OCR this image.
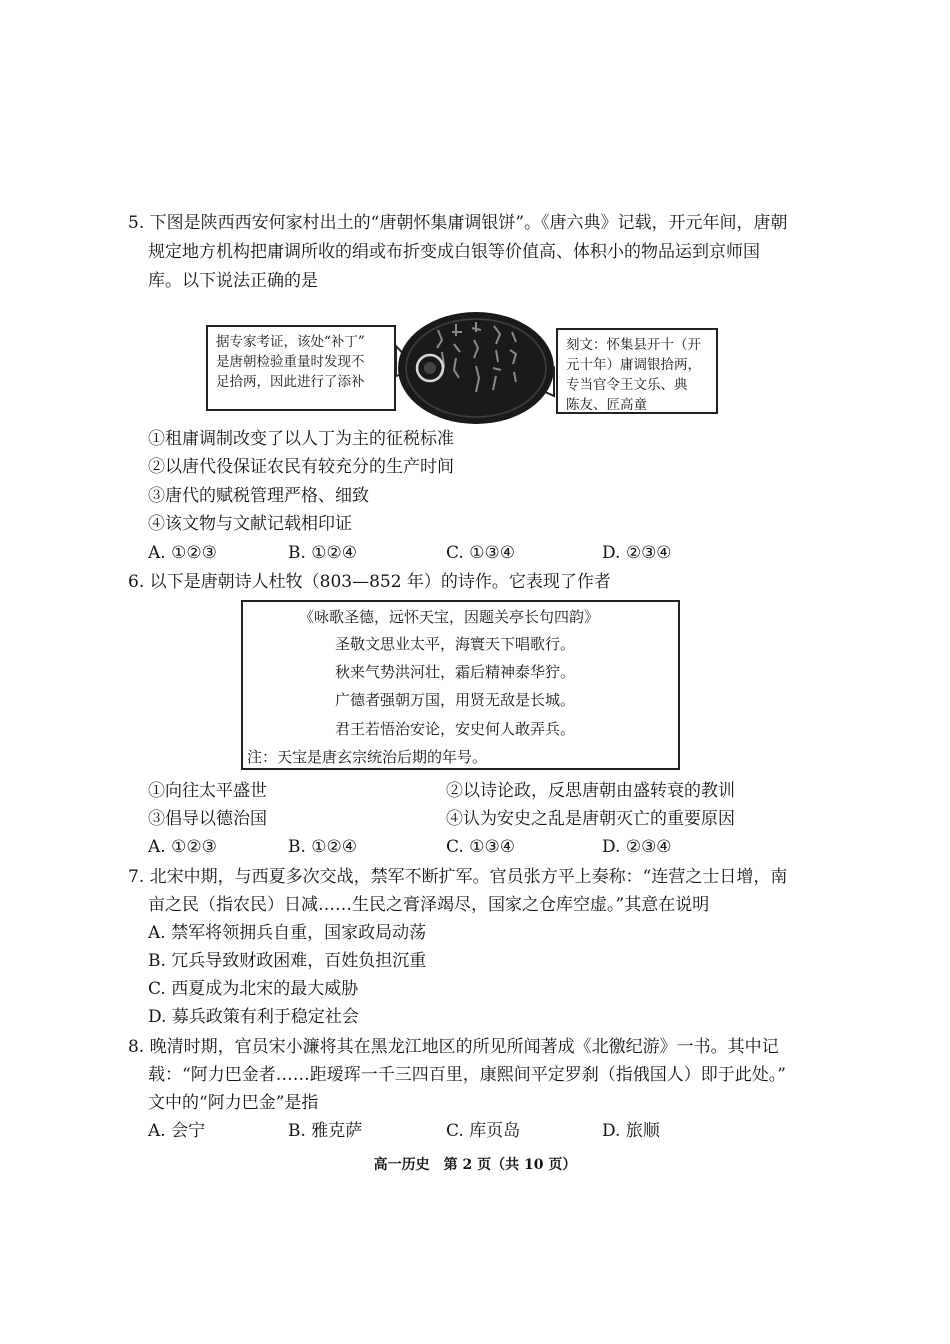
5. 下图是陕西西安何家村出土的“唐朝怀集庸调银饼”。《唐六典》记载，开元年间，唐朝
规定地方机构把庸调所收的绢或布折变成白银等价值高、体积小的物品运到京师国
库。以下说法正确的是
据专家考证，该处“补丁”
是唐朝检验重量时发现不
足拾两，因此进行了添补
刻文：怀集县开十（开
元十年）庸调银拾两，
专当官令王文乐、典
陈友、匠高童
①租庸调制改变了以人丁为主的征税标准
②以唐代役保证农民有较充分的生产时间
③唐代的赋税管理严格、细致
④该文物与文献记载相印证
A. ①②③	B. ①②④	C. ①③④	D. ②③④
6. 以下是唐朝诗人杜牧（803—852 年）的诗作。它表现了作者
《咏歌圣德，远怀天宝，因题关亭长句四韵》
圣敬文思业太平，海寰天下唱歌行。
秋来气势洪河壮，霜后精神泰华狞。
广德者强朝万国，用贤无敌是长城。
君王若悟治安论，安史何人敢弄兵。
注：天宝是唐玄宗统治后期的年号。
①向往太平盛世	②以诗论政，反思唐朝由盛转衰的教训
③倡导以德治国	④认为安史之乱是唐朝灭亡的重要原因
A. ①②③	B. ①②④	C. ①③④	D. ②③④
7. 北宋中期，与西夏多次交战，禁军不断扩军。官员张方平上奏称：“连营之士日增，南
亩之民（指农民）日减……生民之膏泽竭尽，国家之仓库空虚。”其意在说明
A. 禁军将领拥兵自重，国家政局动荡
B. 冗兵导致财政困难，百姓负担沉重
C. 西夏成为北宋的最大威胁
D. 募兵政策有利于稳定社会
8. 晚清时期，官员宋小濂将其在黑龙江地区的所见所闻著成《北徼纪游》一书。其中记
载：“阿力巴金者……距瑷珲一千三四百里，康熙间平定罗刹（指俄国人）即于此处。”
文中的“阿力巴金”是指
A. 会宁	B. 雅克萨	C. 库页岛	D. 旅顺
高一历史　第 2 页（共 10 页）
